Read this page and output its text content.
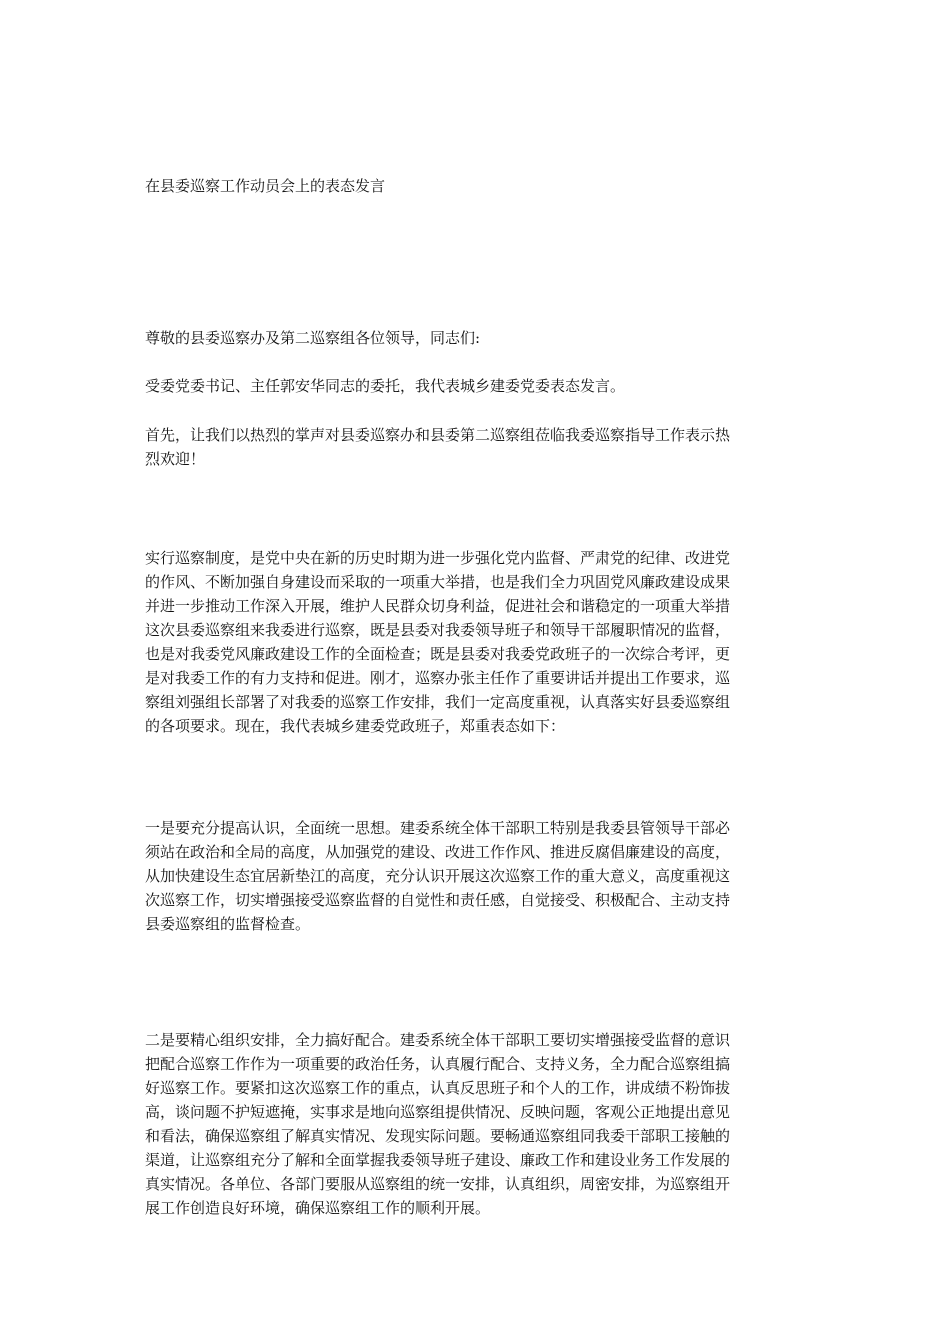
在县委巡察工作动员会上的表态发言

尊敬的县委巡察办及第二巡察组各位领导，同志们:

受委党委书记、主任郭安华同志的委托，我代表城乡建委党委表态发言。

首先，让我们以热烈的掌声对县委巡察办和县委第二巡察组莅临我委巡察指导工作表示热
烈欢迎！

实行巡察制度，是党中央在新的历史时期为进一步强化党内监督、严肃党的纪律、改进党
的作风、不断加强自身建设而采取的一项重大举措，也是我们全力巩固党风廉政建设成果
并进一步推动工作深入开展，维护人民群众切身利益，促进社会和谐稳定的一项重大举措
这次县委巡察组来我委进行巡察，既是县委对我委领导班子和领导干部履职情况的监督，
也是对我委党风廉政建设工作的全面检查；既是县委对我委党政班子的一次综合考评，更
是对我委工作的有力支持和促进。刚才，巡察办张主任作了重要讲话并提出工作要求，巡
察组刘强组长部署了对我委的巡察工作安排，我们一定高度重视，认真落实好县委巡察组
的各项要求。现在，我代表城乡建委党政班子，郑重表态如下：

一是要充分提高认识，全面统一思想。建委系统全体干部职工特别是我委县管领导干部必
须站在政治和全局的高度，从加强党的建设、改进工作作风、推进反腐倡廉建设的高度，
从加快建设生态宜居新垫江的高度，充分认识开展这次巡察工作的重大意义，高度重视这
次巡察工作，切实增强接受巡察监督的自觉性和责任感，自觉接受、积极配合、主动支持
县委巡察组的监督检查。

二是要精心组织安排，全力搞好配合。建委系统全体干部职工要切实增强接受监督的意识
把配合巡察工作作为一项重要的政治任务，认真履行配合、支持义务，全力配合巡察组搞
好巡察工作。要紧扣这次巡察工作的重点，认真反思班子和个人的工作，讲成绩不粉饰拔
高，谈问题不护短遮掩，实事求是地向巡察组提供情况、反映问题，客观公正地提出意见
和看法，确保巡察组了解真实情况、发现实际问题。要畅通巡察组同我委干部职工接触的
渠道，让巡察组充分了解和全面掌握我委领导班子建设、廉政工作和建设业务工作发展的
真实情况。各单位、各部门要服从巡察组的统一安排，认真组织，周密安排，为巡察组开
展工作创造良好环境，确保巡察组工作的顺利开展。
